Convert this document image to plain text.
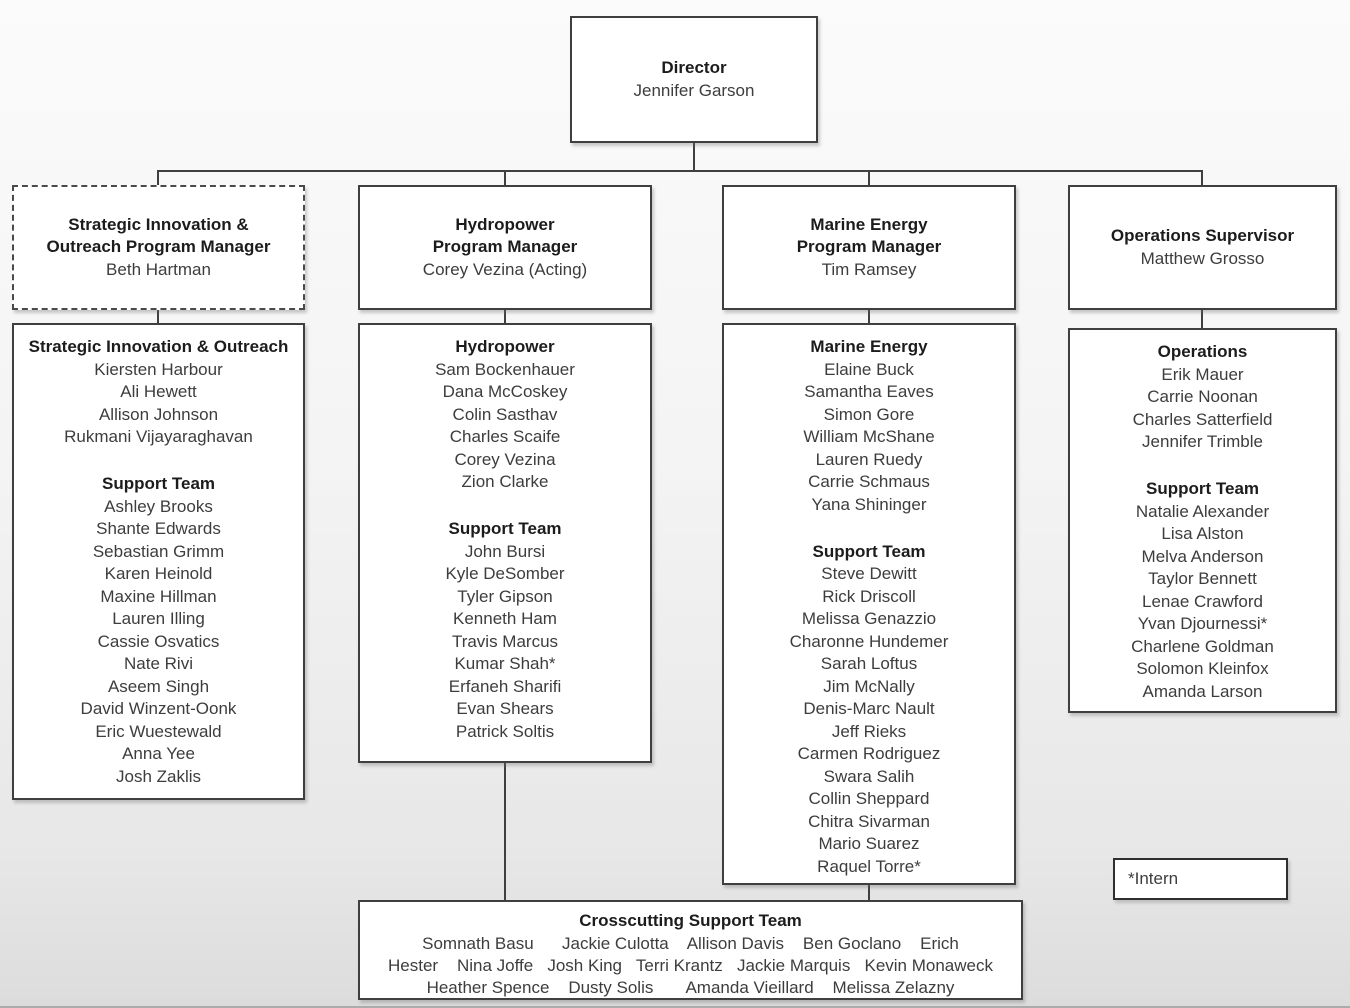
Director
Jennifer Garson
Strategic Innovation &
Outreach Program Manager
Beth Hartman
Hydropower
Program Manager
Corey Vezina (Acting)
Marine Energy
Program Manager
Tim Ramsey
Operations Supervisor
Matthew Grosso
Strategic Innovation & Outreach
Kiersten Harbour
Ali Hewett
Allison Johnson
Rukmani Vijayaraghavan
Support Team
Ashley Brooks
Shante Edwards
Sebastian Grimm
Karen Heinold
Maxine Hillman
Lauren Illing
Cassie Osvatics
Nate Rivi
Aseem Singh
David Winzent-Oonk
Eric Wuestewald
Anna Yee
Josh Zaklis
Hydropower
Sam Bockenhauer
Dana McCoskey
Colin Sasthav
Charles Scaife
Corey Vezina
Zion Clarke
Support Team
John Bursi
Kyle DeSomber
Tyler Gipson
Kenneth Ham
Travis Marcus
Kumar Shah*
Erfaneh Sharifi
Evan Shears
Patrick Soltis
Marine Energy
Elaine Buck
Samantha Eaves
Simon Gore
William McShane
Lauren Ruedy
Carrie Schmaus
Yana Shininger
Support Team
Steve Dewitt
Rick Driscoll
Melissa Genazzio
Charonne Hundemer
Sarah Loftus
Jim McNally
Denis-Marc Nault
Jeff Rieks
Carmen Rodriguez
Swara Salih
Collin Sheppard
Chitra Sivarman
Mario Suarez
Raquel Torre*
Operations
Erik Mauer
Carrie Noonan
Charles Satterfield
Jennifer Trimble
Support Team
Natalie Alexander
Lisa Alston
Melva Anderson
Taylor Bennett
Lenae Crawford
Yvan Djournessi*
Charlene Goldman
Solomon Kleinfox
Amanda Larson
Crosscutting Support Team
Somnath Basu      Jackie Culotta    Allison Davis    Ben Goclano    Erich
Hester    Nina Joffe   Josh King   Terri Krantz   Jackie Marquis   Kevin Monaweck
Heather Spence    Dusty Solis       Amanda Vieillard    Melissa Zelazny
*Intern
